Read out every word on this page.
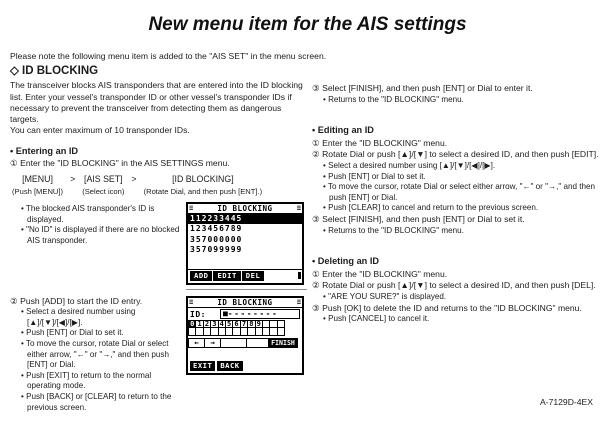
New menu item for the AIS settings
Please note the following menu item is added to the "AIS SET" in the menu screen.
◇ ID BLOCKING

The transceiver blocks AIS transponders that are entered into the ID blocking list. Enter your vessel's transponder ID or other vessel's transponder IDs if necessary to prevent the transceiver from detecting them as dangerous targets.

You can enter maximum of 10 transponder IDs.

• Entering an ID
① Enter the "ID BLOCKING" in the AIS SETTINGS menu.
[MENU]
(Push [MENU])
> [AIS SET]
(Select icon)
>	[ID BLOCKING]
(Rotate Dial, and then push [ENT].)
• The blocked AIS transponder's ID is displayed.
• "No ID" is displayed if there are no blocked AIS transponder.
≡	ID BLOCKING	≡
112233445
123456789
357000000
357099999
ADD	EDIT	DEL
② Push [ADD] to start the ID entry.
• Select a desired number using [▲]/[▼]/[◀]/[▶].
• Push [ENT] or Dial to set it.
• To move the cursor, rotate Dial or select either arrow, "←" or "→," and then push [ENT] or Dial.
• Push [EXIT] to return to the normal operating mode.
• Push [BACK] or [CLEAR] to return to the previous screen.
≡	ID BLOCKING	≡
ID: ■ --------
0 1 2 3 4 5 6 7 8 9
←	→	FINISH
EXIT	BACK
③ Select [FINISH], and then push [ENT] or Dial to enter it.
• Returns to the "ID BLOCKING" menu.
• Editing an ID
① Enter the "ID BLOCKING" menu.
② Rotate Dial or push [▲]/[▼] to select a desired ID, and then push [EDIT].
• Select a desired number using [▲]/[▼]/[◀]/[▶].
• Push [ENT] or Dial to set it.
• To move the cursor, rotate Dial or select either arrow, "←" or "→," and then push [ENT] or Dial.
• Push [CLEAR] to cancel and return to the previous screen.
③ Select [FINISH], and then push [ENT] or Dial to set it.
• Returns to the "ID BLOCKING" menu.
• Deleting an ID
① Enter the "ID BLOCKING" menu.
② Rotate Dial or push [▲]/[▼] to select a desired ID, and then push [DEL].
• "ARE YOU SURE?" is displayed.
③ Push [OK] to delete the ID and returns to the "ID BLOCKING" menu.
• Push [CANCEL] to cancel it.
A-7129D-4EX
